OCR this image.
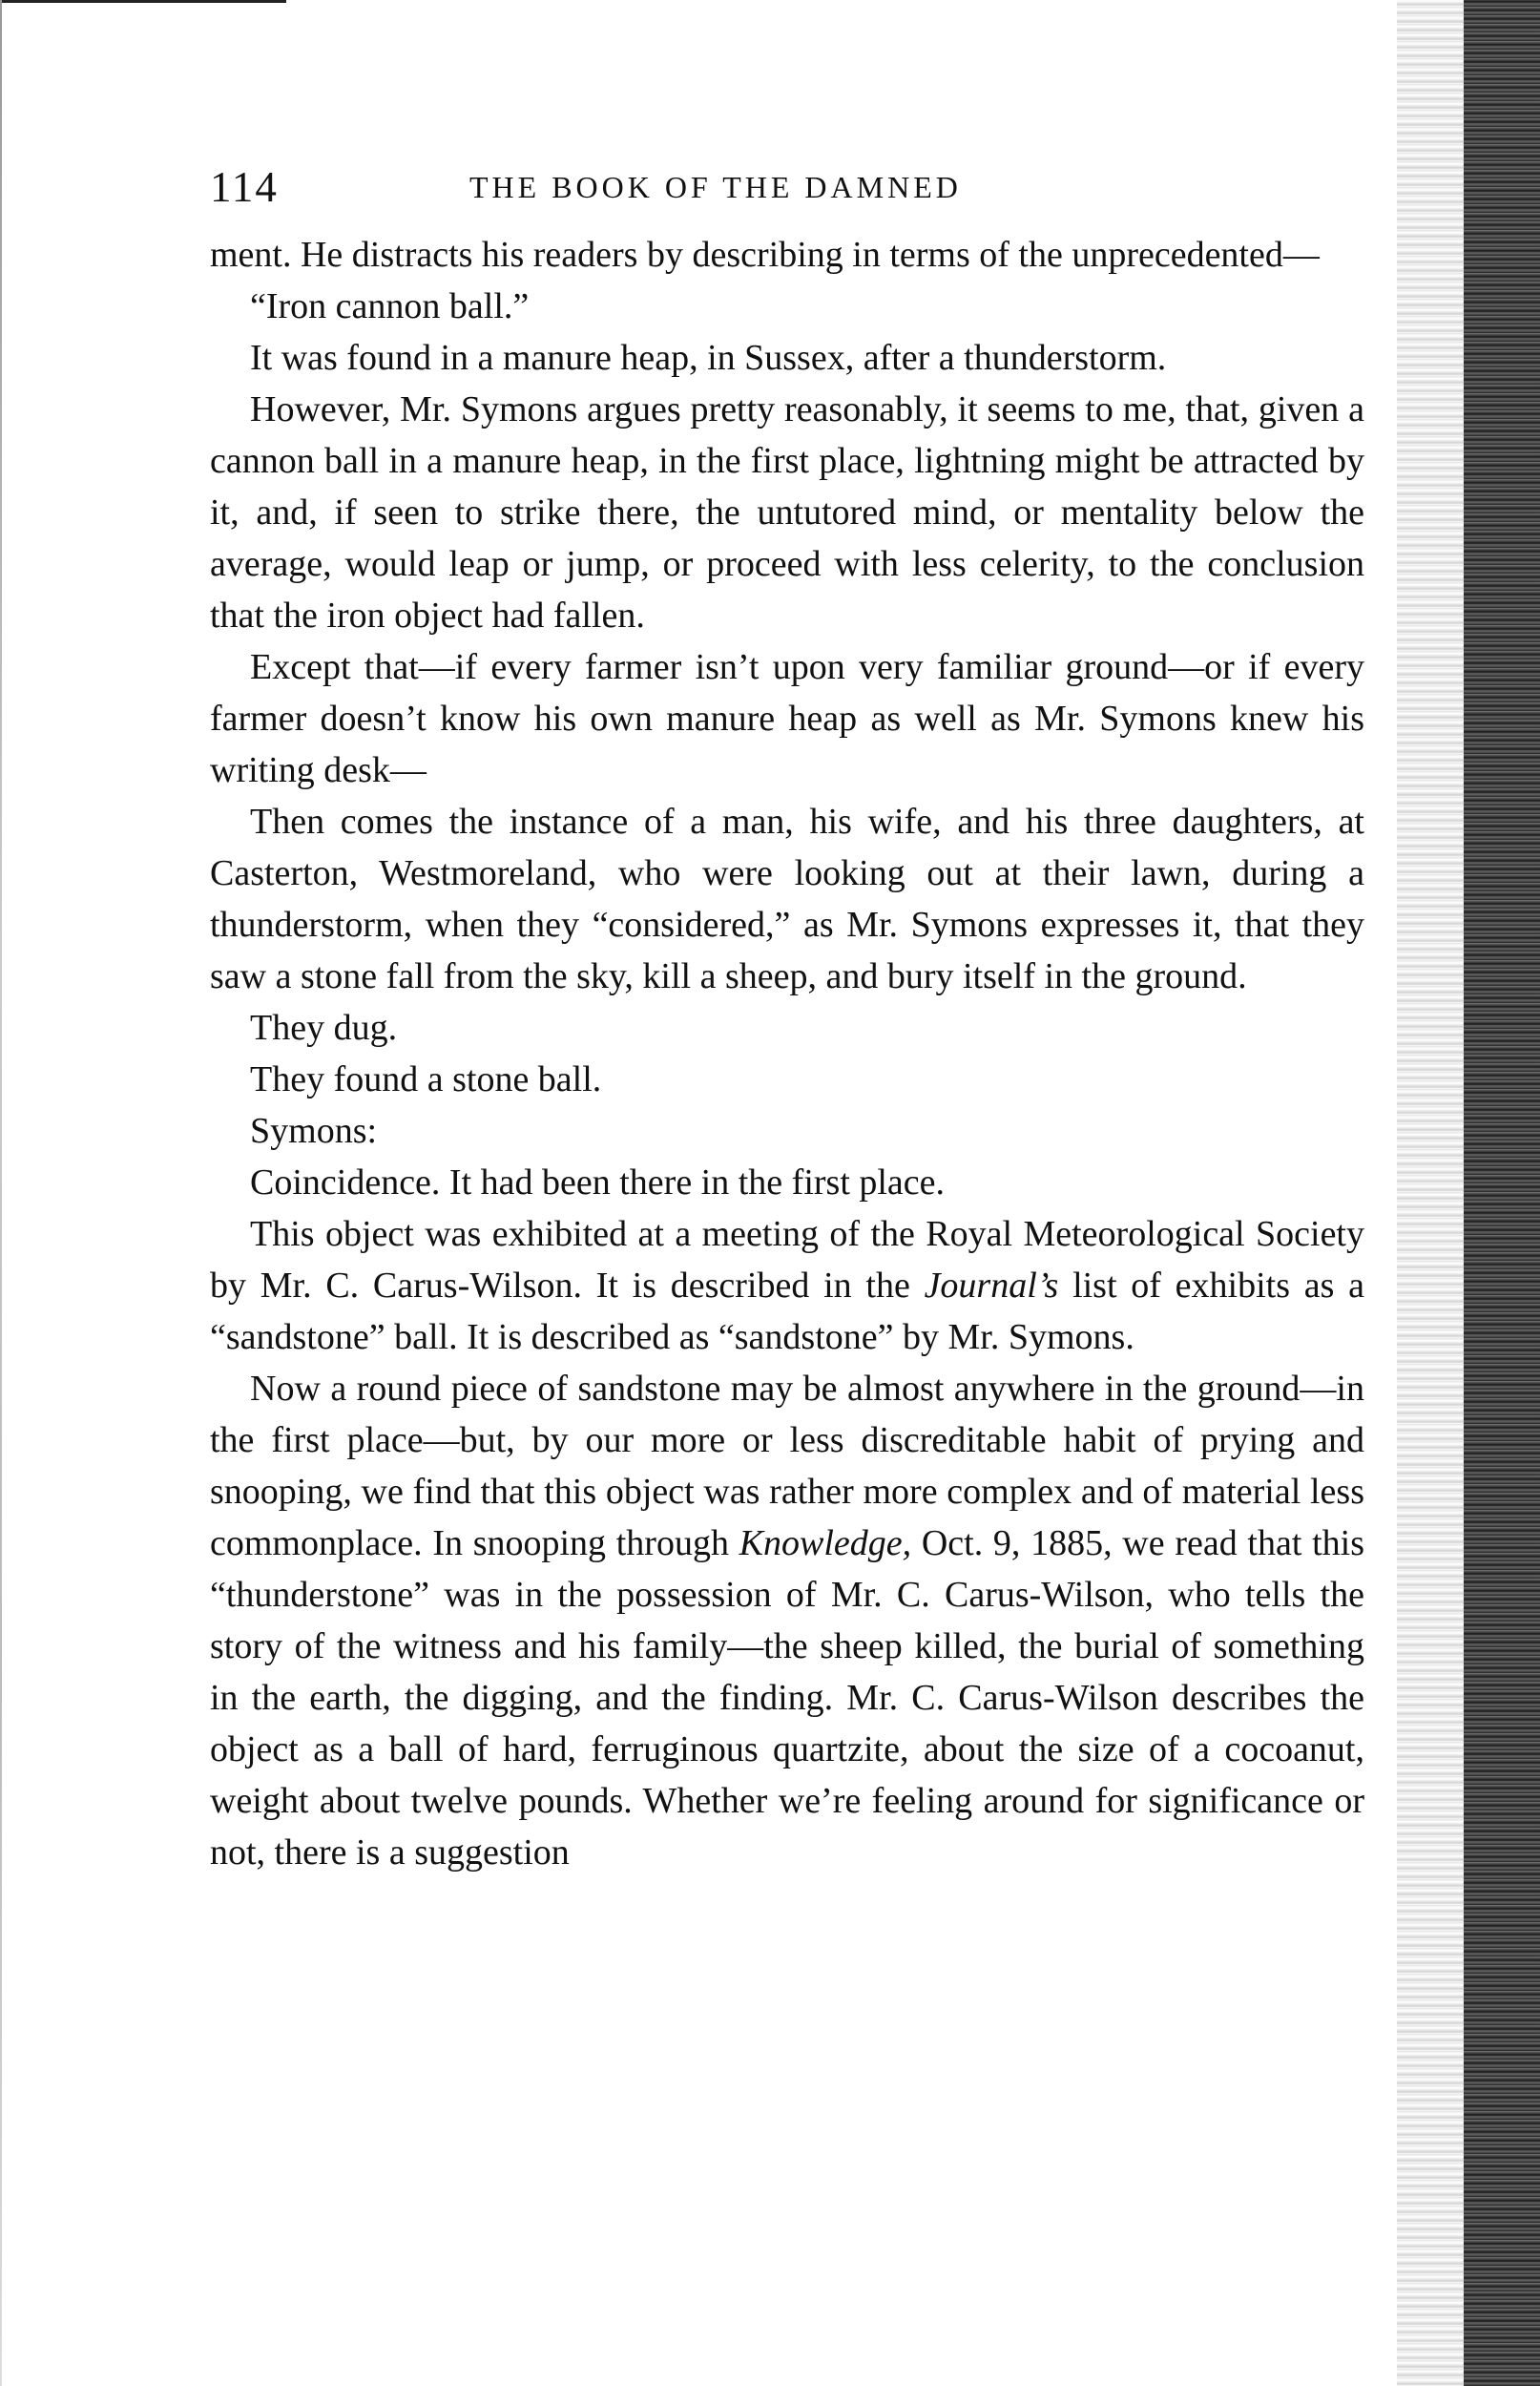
114	THE BOOK OF THE DAMNED

ment. He distracts his readers by describing in terms of the unprecedented—

“Iron cannon ball.”

It was found in a manure heap, in Sussex, after a thunderstorm.

However, Mr. Symons argues pretty reasonably, it seems to me, that, given a cannon ball in a manure heap, in the first place, lightning might be attracted by it, and, if seen to strike there, the untutored mind, or mentality below the average, would leap or jump, or proceed with less celerity, to the conclusion that the iron object had fallen.

Except that—if every farmer isn’t upon very familiar ground—or if every farmer doesn’t know his own manure heap as well as Mr. Symons knew his writing desk—

Then comes the instance of a man, his wife, and his three daughters, at Casterton, Westmoreland, who were looking out at their lawn, during a thunderstorm, when they “considered,” as Mr. Symons expresses it, that they saw a stone fall from the sky, kill a sheep, and bury itself in the ground.

They dug.

They found a stone ball.

Symons:

Coincidence. It had been there in the first place.

This object was exhibited at a meeting of the Royal Meteorological Society by Mr. C. Carus-Wilson. It is described in the Journal’s list of exhibits as a “sandstone” ball. It is described as “sandstone” by Mr. Symons.

Now a round piece of sandstone may be almost anywhere in the ground—in the first place—but, by our more or less discreditable habit of prying and snooping, we find that this object was rather more complex and of material less commonplace. In snooping through Knowledge, Oct. 9, 1885, we read that this “thunderstone” was in the possession of Mr. C. Carus-Wilson, who tells the story of the witness and his family—the sheep killed, the burial of something in the earth, the digging, and the finding. Mr. C. Carus-Wilson describes the object as a ball of hard, ferruginous quartzite, about the size of a cocoanut, weight about twelve pounds. Whether we’re feeling around for significance or not, there is a suggestion
